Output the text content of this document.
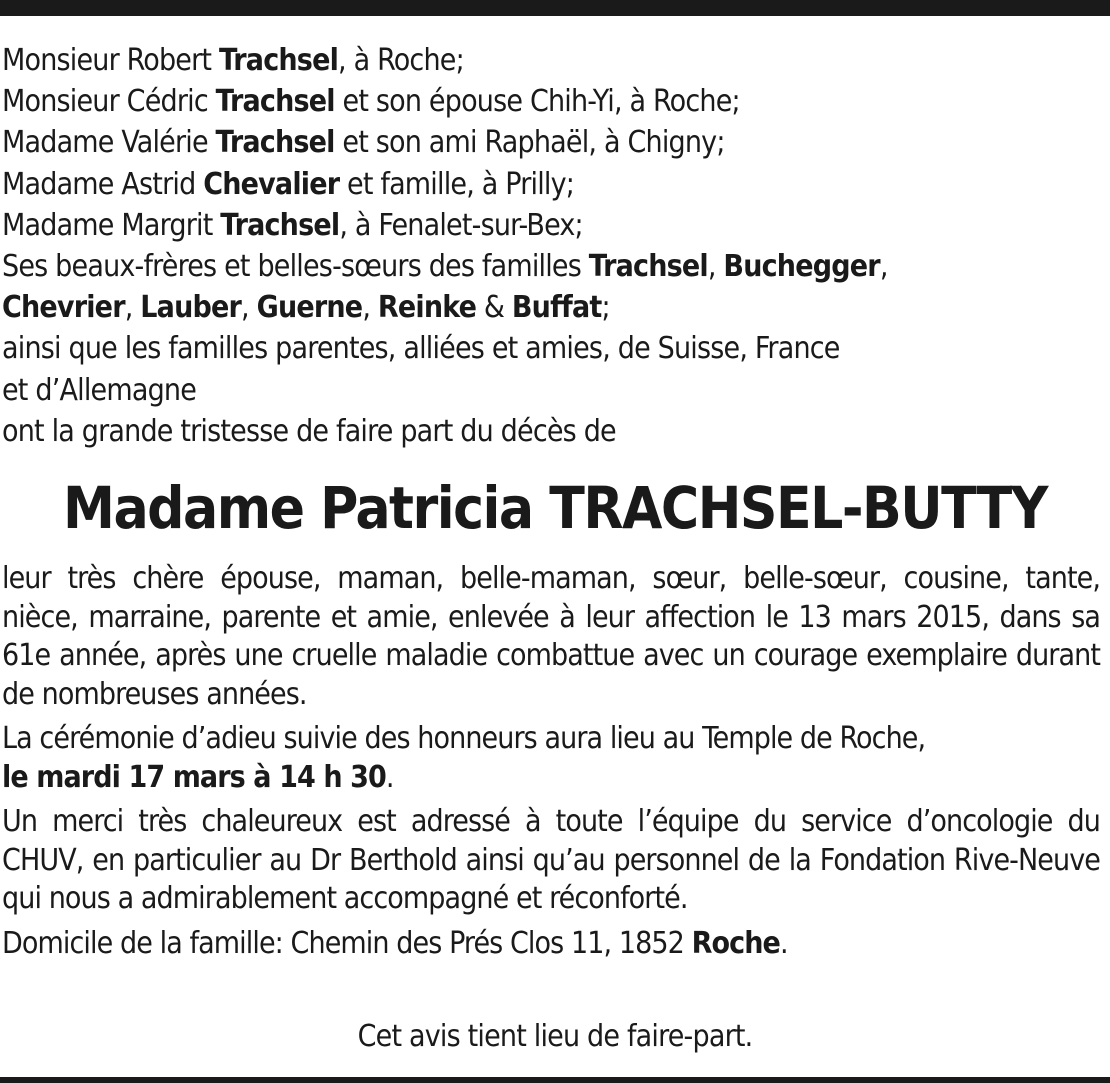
Monsieur Robert Trachsel, à Roche;
Monsieur Cédric Trachsel et son épouse Chih-Yi, à Roche;
Madame Valérie Trachsel et son ami Raphaël, à Chigny;
Madame Astrid Chevalier et famille, à Prilly;
Madame Margrit Trachsel, à Fenalet-sur-Bex;
Ses beaux-frères et belles-sœurs des familles Trachsel, Buchegger,
Chevrier, Lauber, Guerne, Reinke & Buffat;
ainsi que les familles parentes, alliées et amies, de Suisse, France
et d’Allemagne
ont la grande tristesse de faire part du décès de
Madame Patricia TRACHSEL-BUTTY

leur très chère épouse, maman, belle-maman, sœur, belle-sœur, cousine, tante, nièce, marraine, parente et amie, enlevée à leur affection le 13 mars 2015, dans sa 61e année, après une cruelle maladie combattue avec un courage exemplaire durant de nombreuses années.

La cérémonie d’adieu suivie des honneurs aura lieu au Temple de Roche,
le mardi 17 mars à 14 h 30.

Un merci très chaleureux est adressé à toute l’équipe du service d’oncologie du CHUV, en particulier au Dr Berthold ainsi qu’au personnel de la Fondation Rive-Neuve qui nous a admirablement accompagné et réconforté.

Domicile de la famille: Chemin des Prés Clos 11, 1852 Roche.

Cet avis tient lieu de faire-part.
